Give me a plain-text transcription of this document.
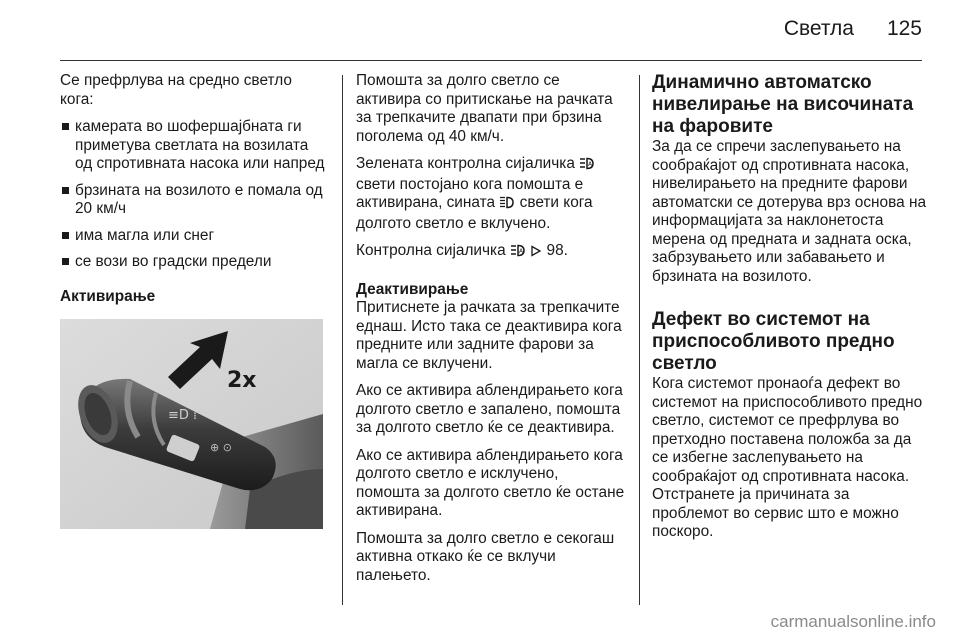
Светла 125

Се префрлува на средно светло кога:

камерата во шофершајбната ги приметува светлата на возилата од спротивната насока или напред
брзината на возилото е помала од 20 км/ч
има магла или снег
се вози во градски предели

Активирање

≡D ⁞
⊕ ⊙
2x

Помошта за долго светло се активира со притискање на рачката за трепкачите двапати при брзина поголема од 40 км/ч.

Зелената контролна сијаличка A
свети постојано кога помошта е активирана, сината свети кога долгото светло е вклучено.

Контролна сијаличка A 98.

Деактивирање

Притиснете ја рачката за трепкачите еднаш. Исто така се деактивира кога предните или задните фарови за магла се вклучени.

Ако се активира аблендирањето кога долгото светло е запалено, помошта за долгото светло ќе се деактивира.

Ако се активира аблендирањето кога долгото светло е исклучено, помошта за долгото светло ќе остане активирана.

Помошта за долго светло е секогаш активна откако ќе се вклучи палењето.

Динамично автоматско нивелирање на височината на фаровите

За да се спречи заслепувањето на сообраќајот од спротивната насока, нивелирањето на предните фарови автоматски се дотерува врз основа на информацијата за наклонетоста мерена од предната и задната оска, забрзувањето или забавањето и брзината на возилото.

Дефект во системот на приспособливото предно светло

Кога системот пронаоѓа дефект во системот на приспособливото предно светло, системот се префрлува во претходно поставена положба за да се избегне заслепувањето на сообраќајот од спротивната насока. Отстранете ја причината за проблемот во сервис што е можно поскоро.

carmanualsonline.info
